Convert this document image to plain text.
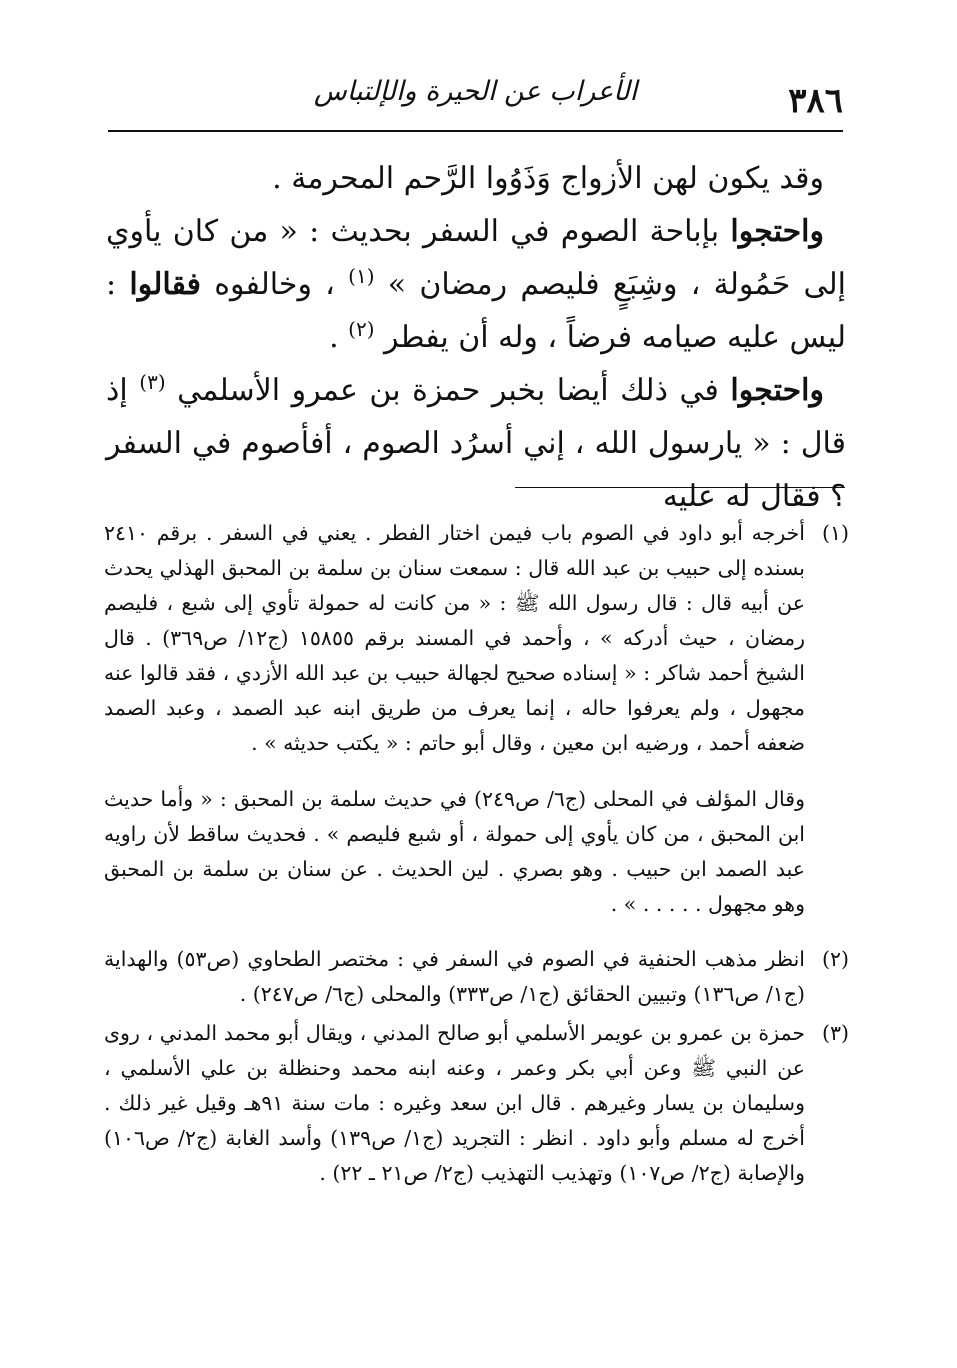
٣٨٦
الأعراب عن الحيرة والإلتباس

وقد يكون لهن الأزواج وَذَوُوا الرَّحم المحرمة .

واحتجوا بإباحة الصوم في السفر بحديث : « من كان يأوي إلى حَمُولة ، وشِبَعٍ فليصم رمضان » $^{(١)}$ ، وخالفوه فقالوا : ليس عليه صيامه فرضاً ، وله أن يفطر $^{(٢)}$ .

واحتجوا في ذلك أيضا بخبر حمزة بن عمرو الأسلمي $^{(٣)}$ إذ قال : « يارسول الله ، إني أسرُد الصوم ، أفأصوم في السفر ؟ فقال له عليه

(١)

أخرجه أبو داود في الصوم باب فيمن اختار الفطر . يعني في السفر . برقم ٢٤١٠ بسنده إلى حبيب بن عبد الله قال : سمعت سنان بن سلمة بن المحبق الهذلي يحدث عن أبيه قال : قال رسول الله ﷺ : « من كانت له حمولة تأوي إلى شبع ، فليصم رمضان ، حيث أدركه » ، وأحمد في المسند برقم ١٥٨٥٥ (ج١٢/ ص٣٦٩) . قال الشيخ أحمد شاكر : « إسناده صحيح لجهالة حبيب بن عبد الله الأزدي ، فقد قالوا عنه مجهول ، ولم يعرفوا حاله ، إنما يعرف من طريق ابنه عبد الصمد ، وعبد الصمد ضعفه أحمد ، ورضيه ابن معين ، وقال أبو حاتم : « يكتب حديثه » .

وقال المؤلف في المحلى (ج٦/ ص٢٤٩) في حديث سلمة بن المحبق : « وأما حديث ابن المحبق ، من كان يأوي إلى حمولة ، أو شبع فليصم » . فحديث ساقط لأن راويه عبد الصمد ابن حبيب . وهو بصري . لين الحديث . عن سنان بن سلمة بن المحبق وهو مجهول . . . . . » .

(٢)

انظر مذهب الحنفية في الصوم في السفر في : مختصر الطحاوي (ص٥٣) والهداية (ج١/ ص١٣٦) وتبيين الحقائق (ج١/ ص٣٣٣) والمحلى (ج٦/ ص٢٤٧) .

(٣)

حمزة بن عمرو بن عويمر الأسلمي أبو صالح المدني ، ويقال أبو محمد المدني ، روى عن النبي ﷺ وعن أبي بكر وعمر ، وعنه ابنه محمد وحنظلة بن علي الأسلمي ، وسليمان بن يسار وغيرهم . قال ابن سعد وغيره : مات سنة ٩١هـ وقيل غير ذلك . أخرج له مسلم وأبو داود . انظر : التجريد (ج١/ ص١٣٩) وأسد الغابة (ج٢/ ص١٠٦) والإصابة (ج٢/ ص١٠٧) وتهذيب التهذيب (ج٢/ ص٢١ ـ ٢٢) .
